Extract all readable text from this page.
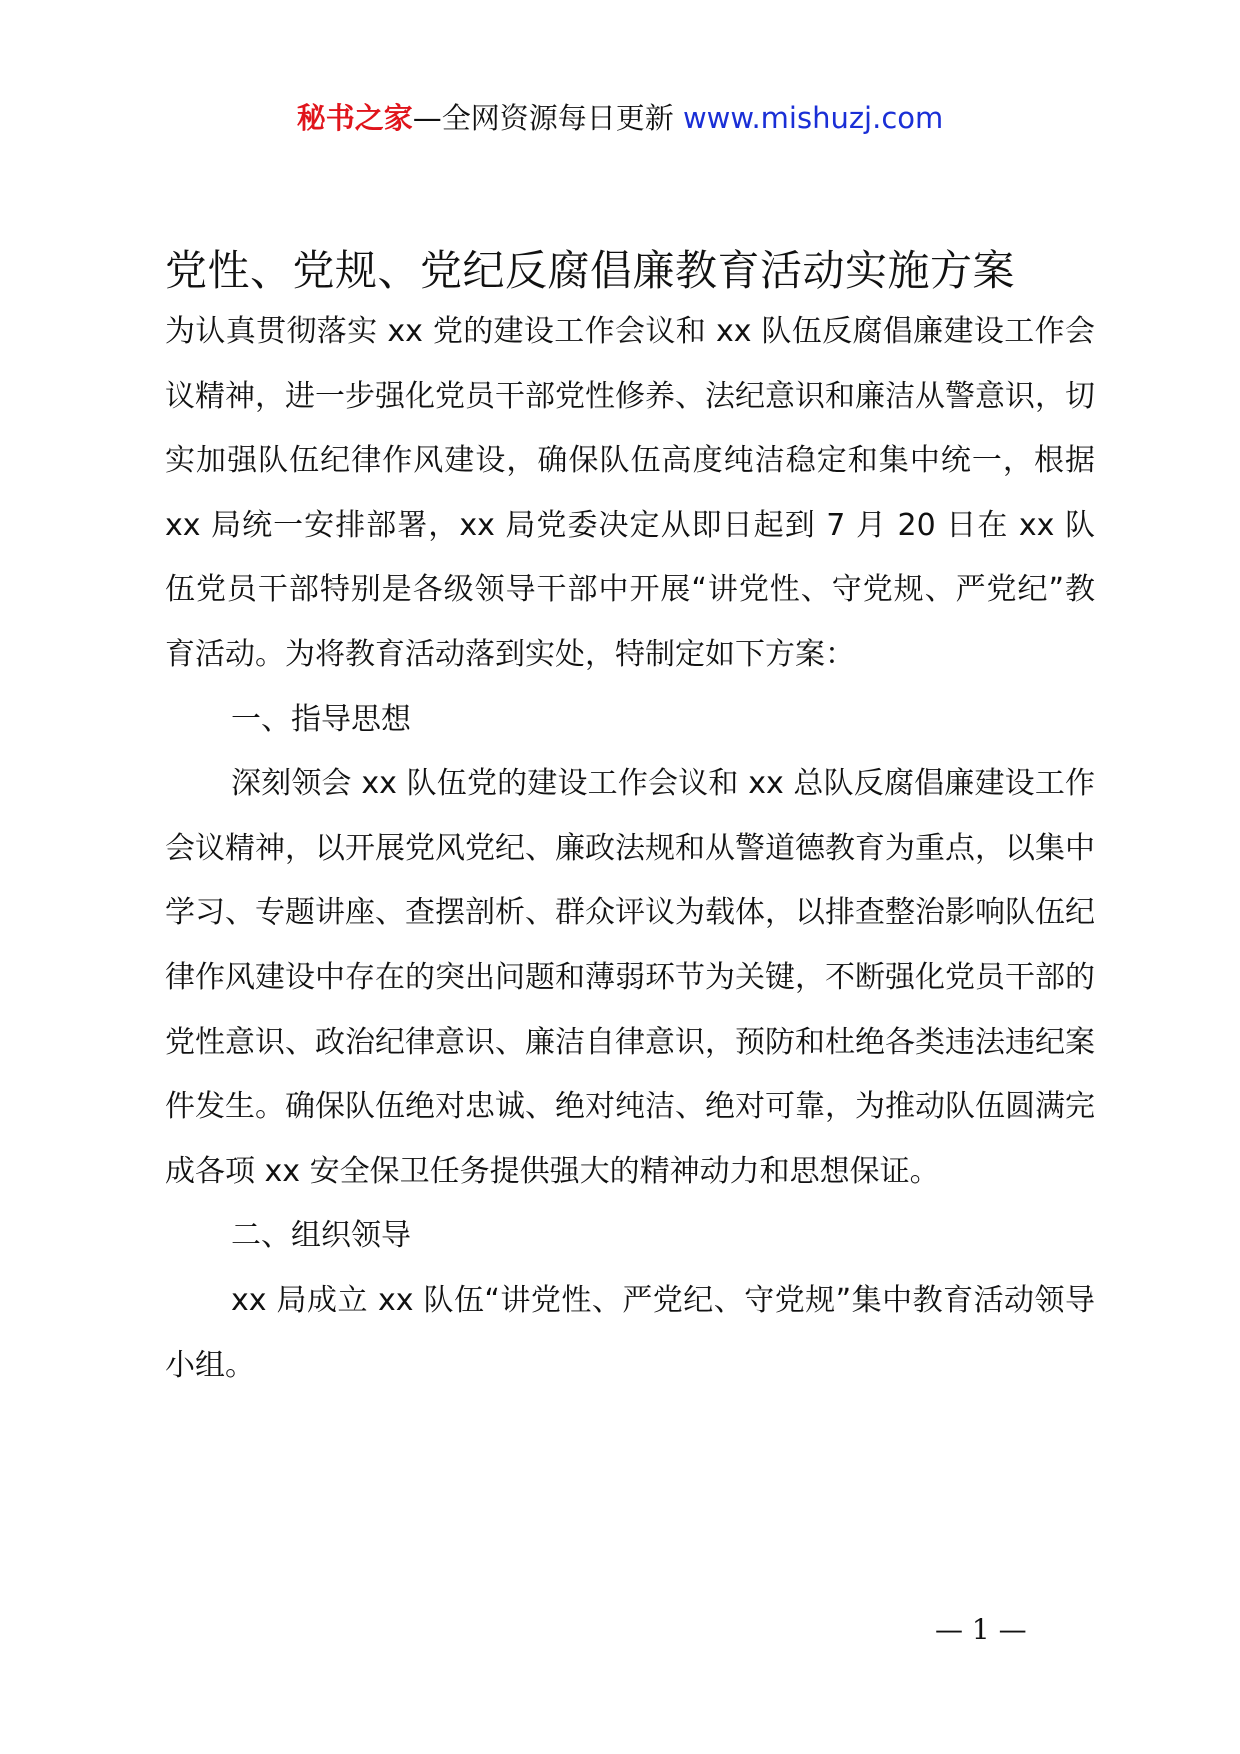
秘书之家—全网资源每日更新 www.mishuzj.com
党性、党规、党纪反腐倡廉教育活动实施方案

为认真贯彻落实 xx 党的建设工作会议和 xx 队伍反腐倡廉建设工作会议精神，进一步强化党员干部党性修养、法纪意识和廉洁从警意识，切实加强队伍纪律作风建设，确保队伍高度纯洁稳定和集中统一，根据 xx 局统一安排部署，xx 局党委决定从即日起到 7 月 20 日在 xx 队伍党员干部特别是各级领导干部中开展“讲党性、守党规、严党纪”教育活动。为将教育活动落到实处，特制定如下方案：

一、指导思想

深刻领会 xx 队伍党的建设工作会议和 xx 总队反腐倡廉建设工作会议精神，以开展党风党纪、廉政法规和从警道德教育为重点，以集中学习、专题讲座、查摆剖析、群众评议为载体，以排查整治影响队伍纪律作风建设中存在的突出问题和薄弱环节为关键，不断强化党员干部的党性意识、政治纪律意识、廉洁自律意识，预防和杜绝各类违法违纪案件发生。确保队伍绝对忠诚、绝对纯洁、绝对可靠，为推动队伍圆满完成各项 xx 安全保卫任务提供强大的精神动力和思想保证。

二、组织领导

xx 局成立 xx 队伍“讲党性、严党纪、守党规”集中教育活动领导小组。

— 1 —
